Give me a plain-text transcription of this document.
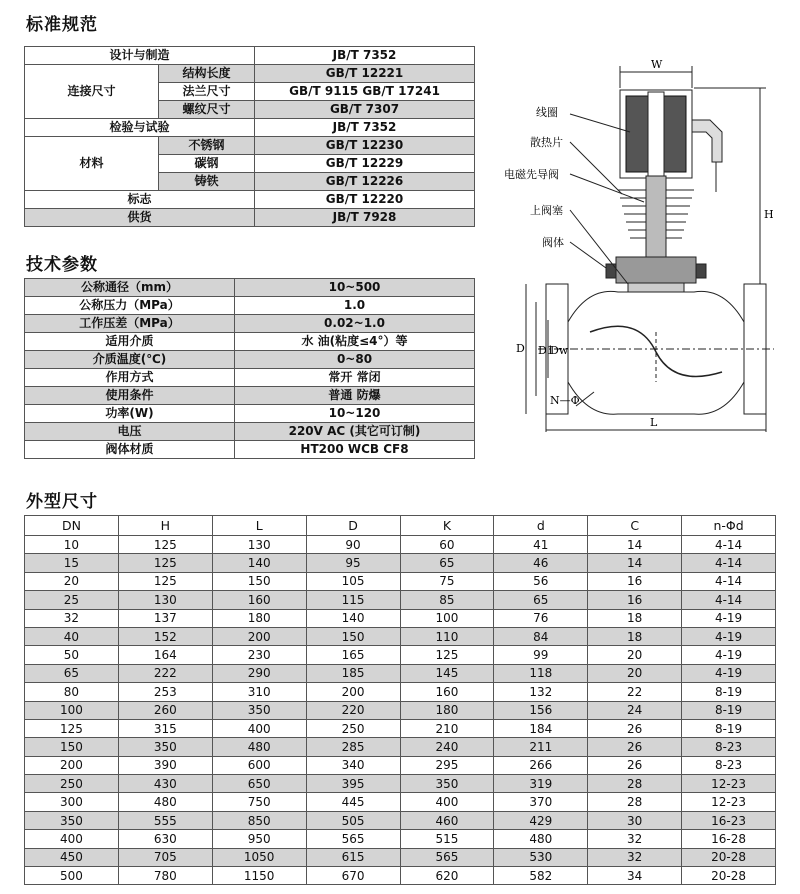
标准规范
设计与制造		JB/T 7352
连接尺寸	结构长度	GB/T 12221
	法兰尺寸	GB/T 9115 GB/T 17241
	螺纹尺寸	GB/T 7307
检验与试验		JB/T 7352
材料	不锈钢	GB/T 12230
	碳钢	GB/T 12229
	铸铁	GB/T 12226
标志		GB/T 12220
供货		JB/T 7928
技术参数
公称通径（mm）	10~500
公称压力（MPa）	1.0
工作压差（MPa）	0.02~1.0
适用介质	水 油(粘度≤4°）等
介质温度(℃)	0~80
作用方式	常开 常闭
使用条件	普通 防爆
功率(W)	10~120
电压	220V AC (其它可订制)
阀体材质	HT200 WCB CF8
线圈
散热片
电磁先导阀
上阀塞
阀体
W
H
D D1
Dw
N—Φ
L
外型尺寸
DN	H	L	D	K	d	C	n-Φd
10	125	130	90	60	41	14	4-14
15	125	140	95	65	46	14	4-14
20	125	150	105	75	56	16	4-14
25	130	160	115	85	65	16	4-14
32	137	180	140	100	76	18	4-19
40	152	200	150	110	84	18	4-19
50	164	230	165	125	99	20	4-19
65	222	290	185	145	118	20	4-19
80	253	310	200	160	132	22	8-19
100	260	350	220	180	156	24	8-19
125	315	400	250	210	184	26	8-19
150	350	480	285	240	211	26	8-23
200	390	600	340	295	266	26	8-23
250	430	650	395	350	319	28	12-23
300	480	750	445	400	370	28	12-23
350	555	850	505	460	429	30	16-23
400	630	950	565	515	480	32	16-28
450	705	1050	615	565	530	32	20-28
500	780	1150	670	620	582	34	20-28
